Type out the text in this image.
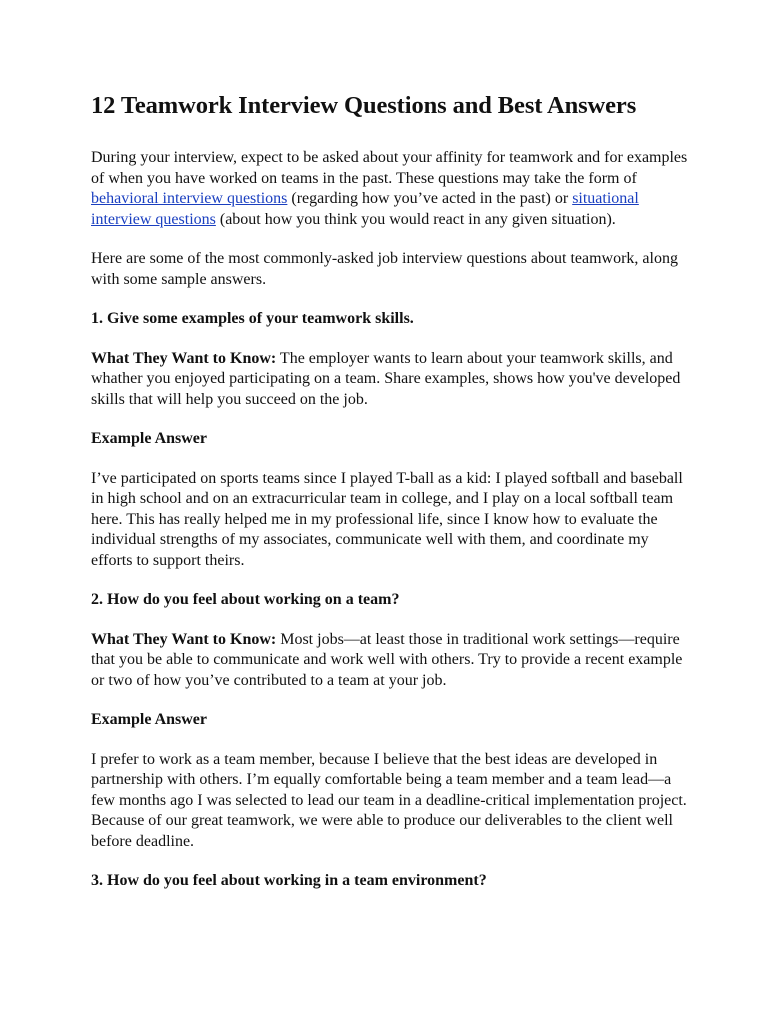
12 Teamwork Interview Questions and Best Answers

During your interview, expect to be asked about your affinity for teamwork and for examples of when you have worked on teams in the past. These questions may take the form of behavioral interview questions (regarding how you’ve acted in the past) or situational interview questions (about how you think you would react in any given situation).

Here are some of the most commonly-asked job interview questions about teamwork, along with some sample answers.

1. Give some examples of your teamwork skills.

What They Want to Know: The employer wants to learn about your teamwork skills, and whather you enjoyed participating on a team. Share examples, shows how you've developed skills that will help you succeed on the job.

Example Answer

I’ve participated on sports teams since I played T-ball as a kid: I played softball and baseball in high school and on an extracurricular team in college, and I play on a local softball team here. This has really helped me in my professional life, since I know how to evaluate the individual strengths of my associates, communicate well with them, and coordinate my efforts to support theirs.

2. How do you feel about working on a team?

What They Want to Know: Most jobs—at least those in traditional work settings—require that you be able to communicate and work well with others. Try to provide a recent example or two of how you’ve contributed to a team at your job.

Example Answer

I prefer to work as a team member, because I believe that the best ideas are developed in partnership with others. I’m equally comfortable being a team member and a team lead—a few months ago I was selected to lead our team in a deadline-critical implementation project. Because of our great teamwork, we were able to produce our deliverables to the client well before deadline.

3. How do you feel about working in a team environment?
